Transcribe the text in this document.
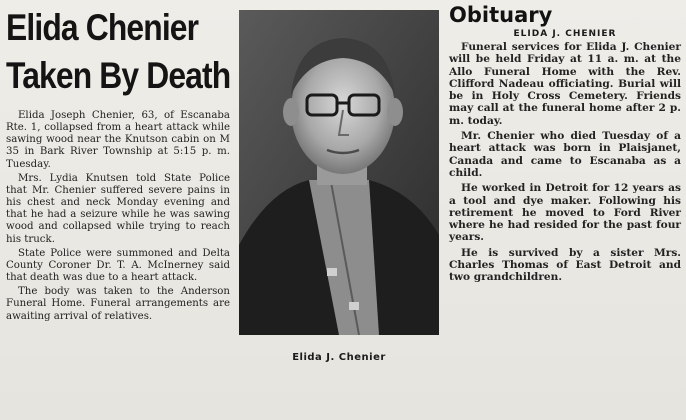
Elida Chenier
Taken By Death

Elida Joseph Chenier, 63, of Escanaba Rte. 1, collapsed from a heart attack while sawing wood near the Knutson cabin on M 35 in Bark River Township at 5:15 p. m. Tuesday.

Mrs. Lydia Knutsen told State Police that Mr. Chenier suffered severe pains in his chest and neck Monday evening and that he had a seizure while he was sawing wood and collapsed while trying to reach his truck.

State Police were summoned and Delta County Coroner Dr. T. A. McInerney said that death was due to a heart attack.

The body was taken to the Anderson Funeral Home. Funeral arrangements are awaiting arrival of relatives.

Elida J. Chenier
Obituary
ELIDA J. CHENIER

Funeral services for Elida J. Chenier will be held Friday at 11 a. m. at the Allo Funeral Home with the Rev. Clifford Nadeau officiating. Burial will be in Holy Cross Cemetery. Friends may call at the funeral home after 2 p. m. today.

Mr. Chenier who died Tuesday of a heart attack was born in Plaisjanet, Canada and came to Escanaba as a child.

He worked in Detroit for 12 years as a tool and dye maker. Following his retirement he moved to Ford River where he had resided for the past four years.

He is survived by a sister Mrs. Charles Thomas of East Detroit and two grandchildren.
